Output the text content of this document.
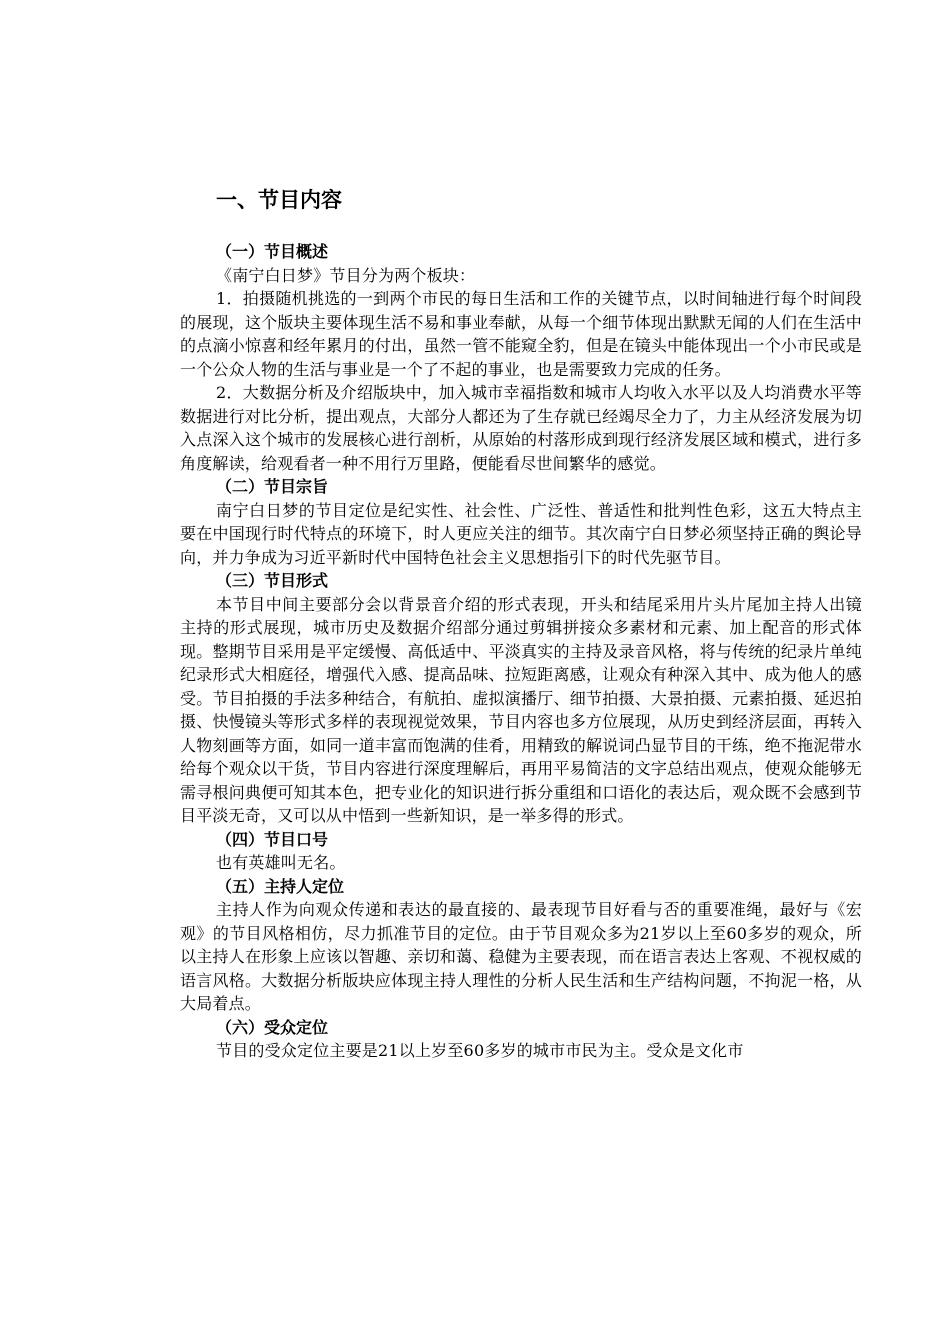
一、节目内容
（一）节目概述

《南宁白日梦》节目分为两个板块：

1．拍摄随机挑选的一到两个市民的每日生活和工作的关键节点，以时间轴进行每个时间段的展现，这个版块主要体现生活不易和事业奉献，从每一个细节体现出默默无闻的人们在生活中的点滴小惊喜和经年累月的付出，虽然一管不能窥全豹，但是在镜头中能体现出一个小市民或是一个公众人物的生活与事业是一个了不起的事业，也是需要致力完成的任务。

2．大数据分析及介绍版块中，加入城市幸福指数和城市人均收入水平以及人均消费水平等数据进行对比分析，提出观点，大部分人都还为了生存就已经竭尽全力了，力主从经济发展为切入点深入这个城市的发展核心进行剖析，从原始的村落形成到现行经济发展区域和模式，进行多角度解读，给观看者一种不用行万里路，便能看尽世间繁华的感觉。

（二）节目宗旨

南宁白日梦的节目定位是纪实性、社会性、广泛性、普适性和批判性色彩，这五大特点主要在中国现行时代特点的环境下，时人更应关注的细节。其次南宁白日梦必须坚持正确的舆论导向，并力争成为习近平新时代中国特色社会主义思想指引下的时代先驱节目。

（三）节目形式

本节目中间主要部分会以背景音介绍的形式表现，开头和结尾采用片头片尾加主持人出镜主持的形式展现，城市历史及数据介绍部分通过剪辑拼接众多素材和元素、加上配音的形式体现。整期节目采用是平定缓慢、高低适中、平淡真实的主持及录音风格，将与传统的纪录片单纯纪录形式大相庭径，增强代入感、提高品味、拉短距离感，让观众有种深入其中、成为他人的感受。节目拍摄的手法多种结合，有航拍、虚拟演播厅、细节拍摄、大景拍摄、元素拍摄、延迟拍摄、快慢镜头等形式多样的表现视觉效果，节目内容也多方位展现，从历史到经济层面，再转入人物刻画等方面，如同一道丰富而饱满的佳肴，用精致的解说词凸显节目的干练，绝不拖泥带水给每个观众以干货，节目内容进行深度理解后，再用平易简洁的文字总结出观点，使观众能够无需寻根问典便可知其本色，把专业化的知识进行拆分重组和口语化的表达后，观众既不会感到节目平淡无奇，又可以从中悟到一些新知识，是一举多得的形式。

（四）节目口号

也有英雄叫无名。

（五）主持人定位

主持人作为向观众传递和表达的最直接的、最表现节目好看与否的重要准绳，最好与《宏观》的节目风格相仿，尽力抓准节目的定位。由于节目观众多为21岁以上至60多岁的观众，所以主持人在形象上应该以智趣、亲切和蔼、稳健为主要表现，而在语言表达上客观、不视权威的语言风格。大数据分析版块应体现主持人理性的分析人民生活和生产结构问题，不拘泥一格，从大局着点。

（六）受众定位

节目的受众定位主要是21以上岁至60多岁的城市市民为主。受众是文化市
